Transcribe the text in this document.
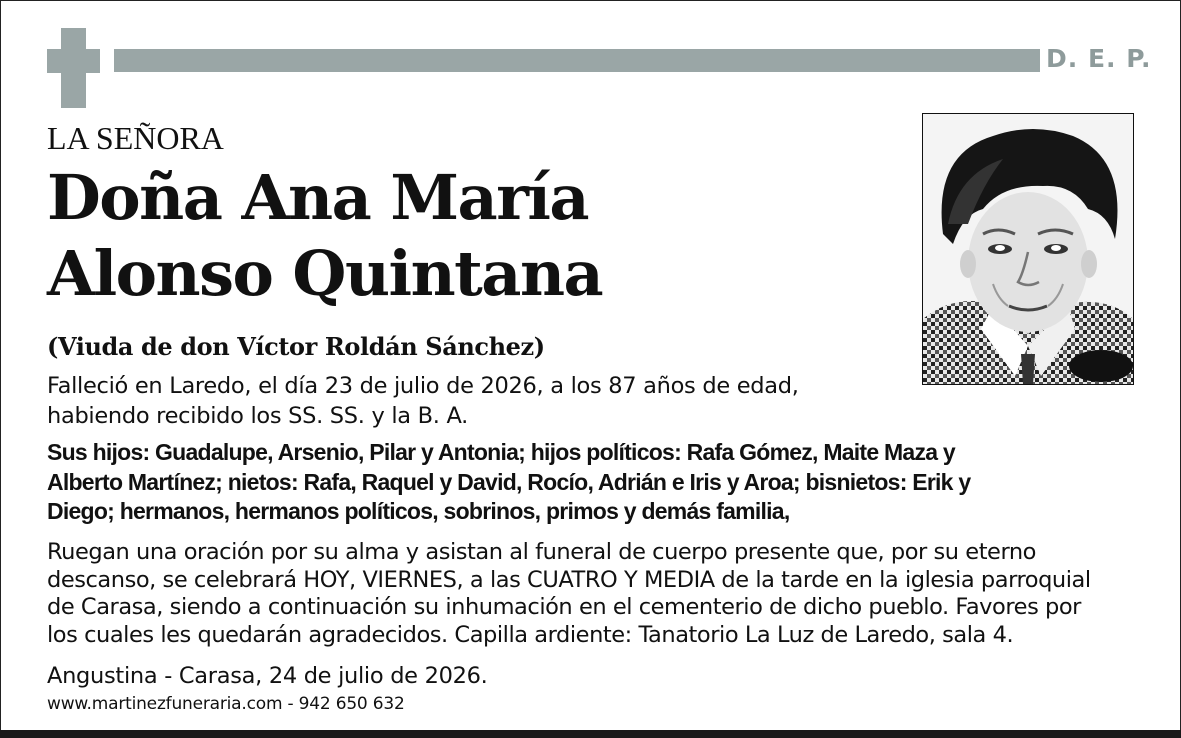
D. E. P.
LA SEÑORA
Doña Ana María
Alonso Quintana
(Viuda de don Víctor Roldán Sánchez)
Falleció en Laredo, el día 23 de julio de 2026, a los 87 años de edad,
habiendo recibido los SS. SS. y la B. A.
Sus hijos: Guadalupe, Arsenio, Pilar y Antonia; hijos políticos: Rafa Gómez, Maite Maza y
Alberto Martínez; nietos: Rafa, Raquel y David, Rocío, Adrián e Iris y Aroa; bisnietos: Erik y
Diego; hermanos, hermanos políticos, sobrinos, primos y demás familia,
Ruegan una oración por su alma y asistan al funeral de cuerpo presente que, por su eterno
descanso, se celebrará HOY, VIERNES, a las CUATRO Y MEDIA de la tarde en la iglesia parroquial
de Carasa, siendo a continuación su inhumación en el cementerio de dicho pueblo. Favores por
los cuales les quedarán agradecidos. Capilla ardiente: Tanatorio La Luz de Laredo, sala 4.
Angustina - Carasa, 24 de julio de 2026.
www.martinezfuneraria.com - 942 650 632
